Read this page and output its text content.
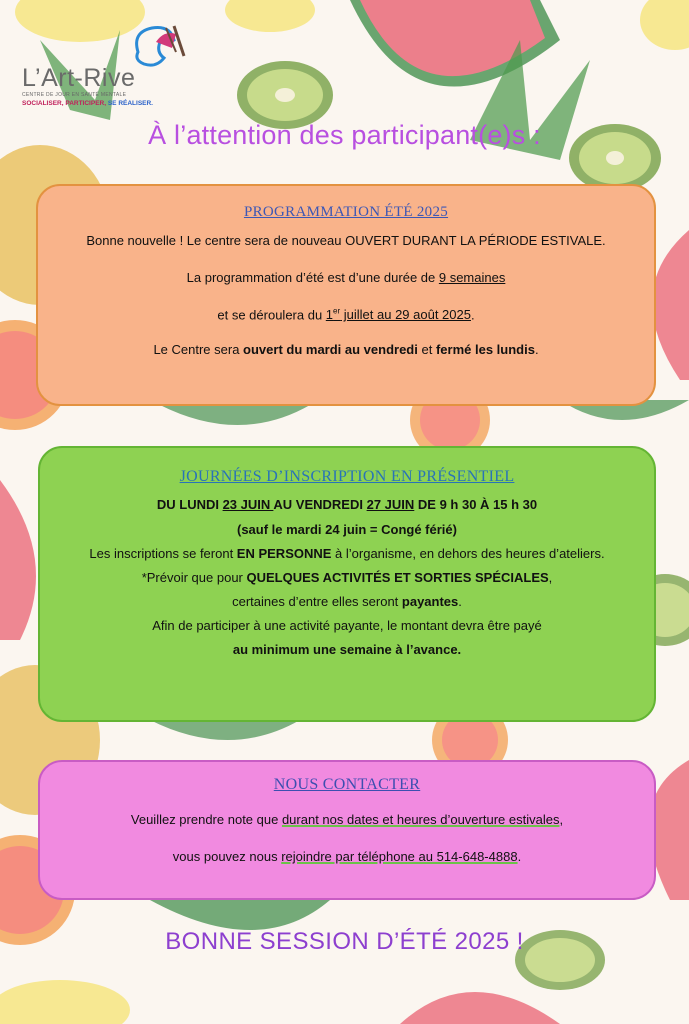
L’Art-Rive
CENTRE DE JOUR EN SANTÉ MENTALE
SOCIALISER, PARTICIPER, SE RÉALISER.
À l’attention des participant(e)s :
PROGRAMMATION ÉTÉ 2025
Bonne nouvelle ! Le centre sera de nouveau OUVERT DURANT LA PÉRIODE ESTIVALE.
La programmation d’été est d’une durée de 9 semaines
et se déroulera du 1er juillet au 29 août 2025.
Le Centre sera ouvert du mardi au vendredi et fermé les lundis.
JOURNÉES D’INSCRIPTION EN PRÉSENTIEL
DU LUNDI 23 JUIN AU VENDREDI 27 JUIN DE 9 h 30 À 15 h 30
(sauf le mardi 24 juin = Congé férié)
Les inscriptions se feront EN PERSONNE à l’organisme, en dehors des heures d’ateliers.
*Prévoir que pour QUELQUES ACTIVITÉS ET SORTIES SPÉCIALES,
certaines d’entre elles seront payantes.
Afin de participer à une activité payante, le montant devra être payé
au minimum une semaine à l’avance.
NOUS CONTACTER
Veuillez prendre note que durant nos dates et heures d’ouverture estivales,
vous pouvez nous rejoindre par téléphone au 514-648-4888.
BONNE SESSION D’ÉTÉ 2025 !
